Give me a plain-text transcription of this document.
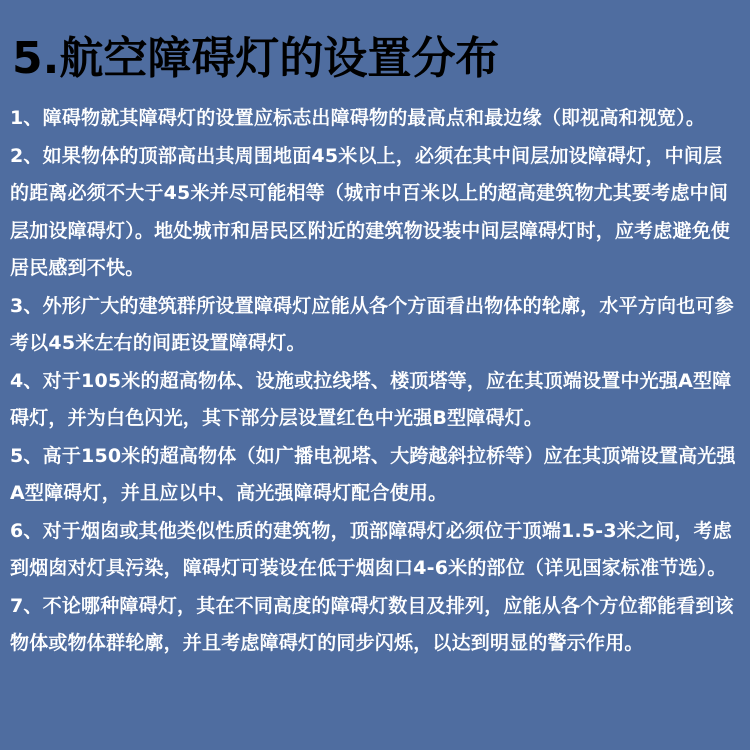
5.航空障碍灯的设置分布

1、障碍物就其障碍灯的设置应标志出障碍物的最高点和最边缘（即视高和视宽）。

2、如果物体的顶部高出其周围地面45米以上，必须在其中间层加设障碍灯，中间层的距离必须不大于45米并尽可能相等（城市中百米以上的超高建筑物尤其要考虑中间层加设障碍灯）。地处城市和居民区附近的建筑物设装中间层障碍灯时，应考虑避免使居民感到不快。

3、外形广大的建筑群所设置障碍灯应能从各个方面看出物体的轮廓，水平方向也可参考以45米左右的间距设置障碍灯。

4、对于105米的超高物体、设施或拉线塔、楼顶塔等，应在其顶端设置中光强A型障碍灯，并为白色闪光，其下部分层设置红色中光强B型障碍灯。

5、高于150米的超高物体（如广播电视塔、大跨越斜拉桥等）应在其顶端设置高光强A型障碍灯，并且应以中、高光强障碍灯配合使用。

6、对于烟囱或其他类似性质的建筑物，顶部障碍灯必须位于顶端1.5-3米之间，考虑到烟囱对灯具污染，障碍灯可装设在低于烟囱口4-6米的部位（详见国家标准节选）。

7、不论哪种障碍灯，其在不同高度的障碍灯数目及排列，应能从各个方位都能看到该物体或物体群轮廓，并且考虑障碍灯的同步闪烁，以达到明显的警示作用。
